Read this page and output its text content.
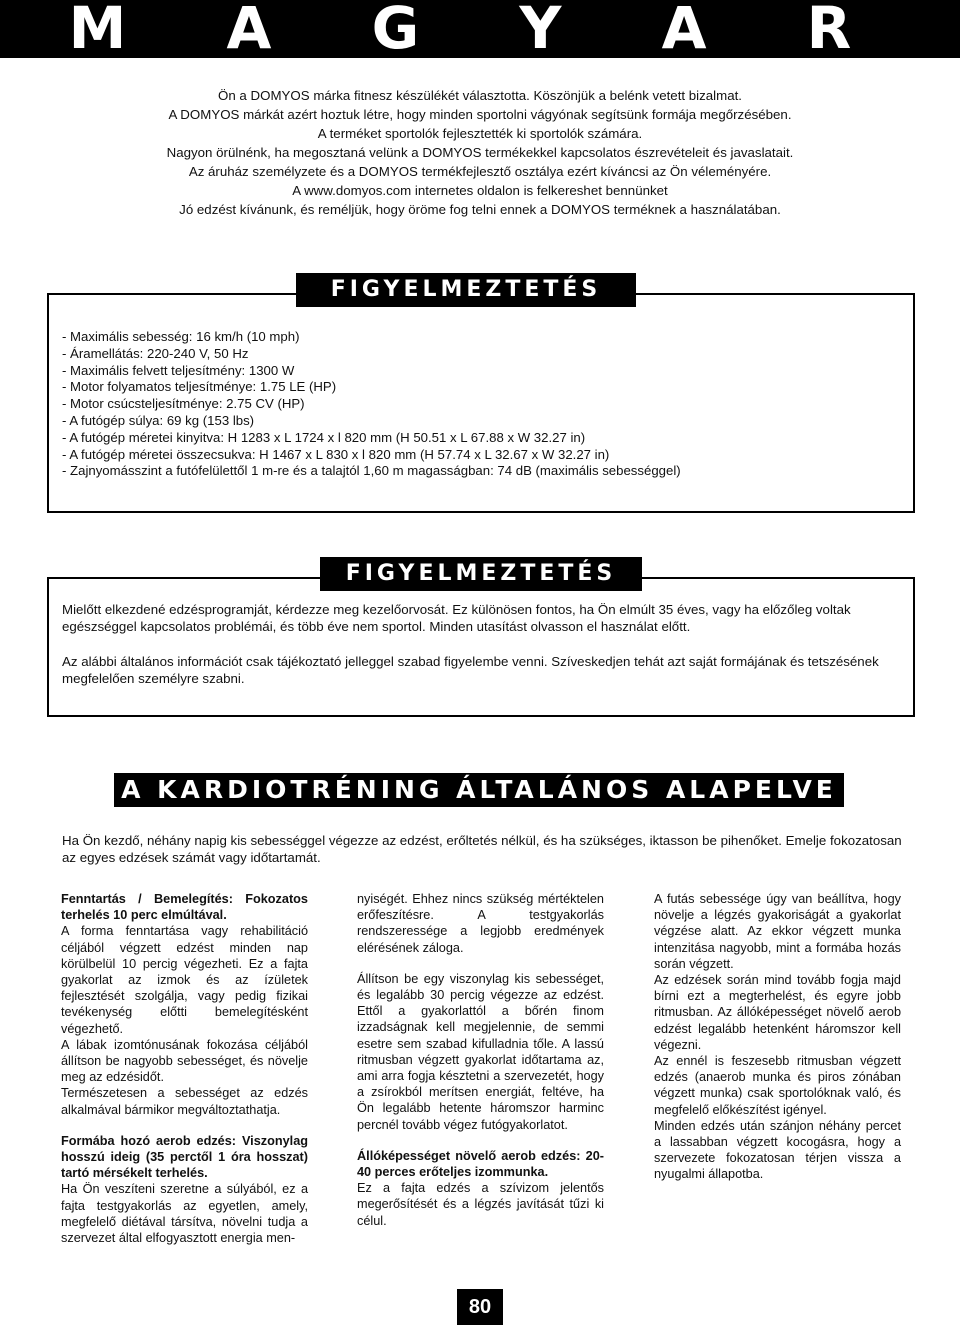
M A G Y A R
Ön a DOMYOS márka fitnesz készülékét választotta. Köszönjük a belénk vetett bizalmat.
A DOMYOS márkát azért hoztuk létre, hogy minden sportolni vágyónak segítsünk formája megőrzésében.
A terméket sportolók fejlesztették ki sportolók számára.
Nagyon örülnénk, ha megosztaná velünk a DOMYOS termékekkel kapcsolatos észrevételeit és javaslatait.
Az áruház személyzete és a DOMYOS termékfejlesztő osztálya ezért kíváncsi az Ön véleményére.
A www.domyos.com internetes oldalon is felkereshet bennünket
Jó edzést kívánunk, és reméljük, hogy öröme fog telni ennek a DOMYOS terméknek a használatában.
FIGYELMEZTETÉS
- Maximális sebesség: 16 km/h (10 mph)
- Áramellátás: 220-240 V, 50 Hz
- Maximális felvett teljesítmény: 1300 W
- Motor folyamatos teljesítménye: 1.75 LE (HP)
- Motor csúcsteljesítménye: 2.75 CV (HP)
- A futógép súlya: 69 kg (153 lbs)
- A futógép méretei kinyitva: H 1283 x L 1724 x l 820 mm (H 50.51 x L 67.88 x W 32.27 in)
- A futógép méretei összecsukva: H 1467 x L 830 x l 820 mm (H 57.74 x L 32.67 x W 32.27 in)
- Zajnyomásszint a futófelülettől 1 m-re és a talajtól 1,60 m magasságban: 74 dB (maximális sebességgel)
FIGYELMEZTETÉS

Mielőtt elkezdené edzésprogramját, kérdezze meg kezelőorvosát. Ez különösen fontos, ha Ön elmúlt 35 éves, vagy ha előzőleg voltak egészséggel kapcsolatos problémái, és több éve nem sportol. Minden utasítást olvasson el használat előtt.

Az alábbi általános információt csak tájékoztató jelleggel szabad figyelembe venni. Szíveskedjen tehát azt saját formájának és tetszésének megfelelően személyre szabni.

A KARDIOTRÉNING ÁLTALÁNOS ALAPELVE
Ha Ön kezdő, néhány napig kis sebességgel végezze az edzést, erőltetés nélkül, és ha szükséges, iktasson be pihenőket. Emelje fokozatosan az egyes edzések számát vagy időtartamát.

Fenntartás / Bemelegítés: Fokozatos terhelés 10 perc elmúltával.

A forma fenntartása vagy rehabilitáció céljából végzett edzést minden nap körülbelül 10 percig végezheti. Ez a fajta gyakorlat az izmok és az ízületek fejlesztését szolgálja, vagy pedig fizikai tevékenység előtti bemelegítésként végezhető.

A lábak izomtónusának fokozása céljából állítson be nagyobb sebességet, és növelje meg az edzésidőt.

Természetesen a sebességet az edzés alkalmával bármikor megváltoztathatja.

Formába hozó aerob edzés: Viszonylag hosszú ideig (35 perctől 1 óra hosszat) tartó mérsékelt terhelés.

Ha Ön veszíteni szeretne a súlyából, ez a fajta testgyakorlás az egyetlen, amely, megfelelő diétával társítva, növelni tudja a szervezet által elfogyasztott energia men-

nyiségét. Ehhez nincs szükség mértéktelen erőfeszítésre. A testgyakorlás rendszeressége a legjobb eredmények elérésének záloga.

Állítson be egy viszonylag kis sebességet, és legalább 30 percig végezze az edzést. Ettől a gyakorlattól a bőrén finom izzadságnak kell megjelennie, de semmi esetre sem szabad kifulladnia tőle. A lassú ritmusban végzett gyakorlat időtartama az, ami arra fogja késztetni a szervezetét, hogy a zsírokból merítsen energiát, feltéve, ha Ön legalább hetente háromszor harminc percnél tovább végez futógyakorlatot.

Állóképességet növelő aerob edzés: 20-40 perces erőteljes izommunka.

Ez a fajta edzés a szívizom jelentős megerősítését és a légzés javítását tűzi ki célul.

A futás sebessége úgy van beállítva, hogy növelje a légzés gyakoriságát a gyakorlat végzése alatt. Az ekkor végzett munka intenzitása nagyobb, mint a formába hozás során végzett.

Az edzések során mind tovább fogja majd bírni ezt a megterhelést, és egyre jobb ritmusban. Az állóképességet növelő aerob edzést legalább hetenként háromszor kell végezni.

Az ennél is feszesebb ritmusban végzett edzés (anaerob munka és piros zónában végzett munka) csak sportolóknak való, és megfelelő előkészítést igényel.

Minden edzés után szánjon néhány percet a lassabban végzett kocogásra, hogy a szervezete fokozatosan térjen vissza a nyugalmi állapotba.

80
